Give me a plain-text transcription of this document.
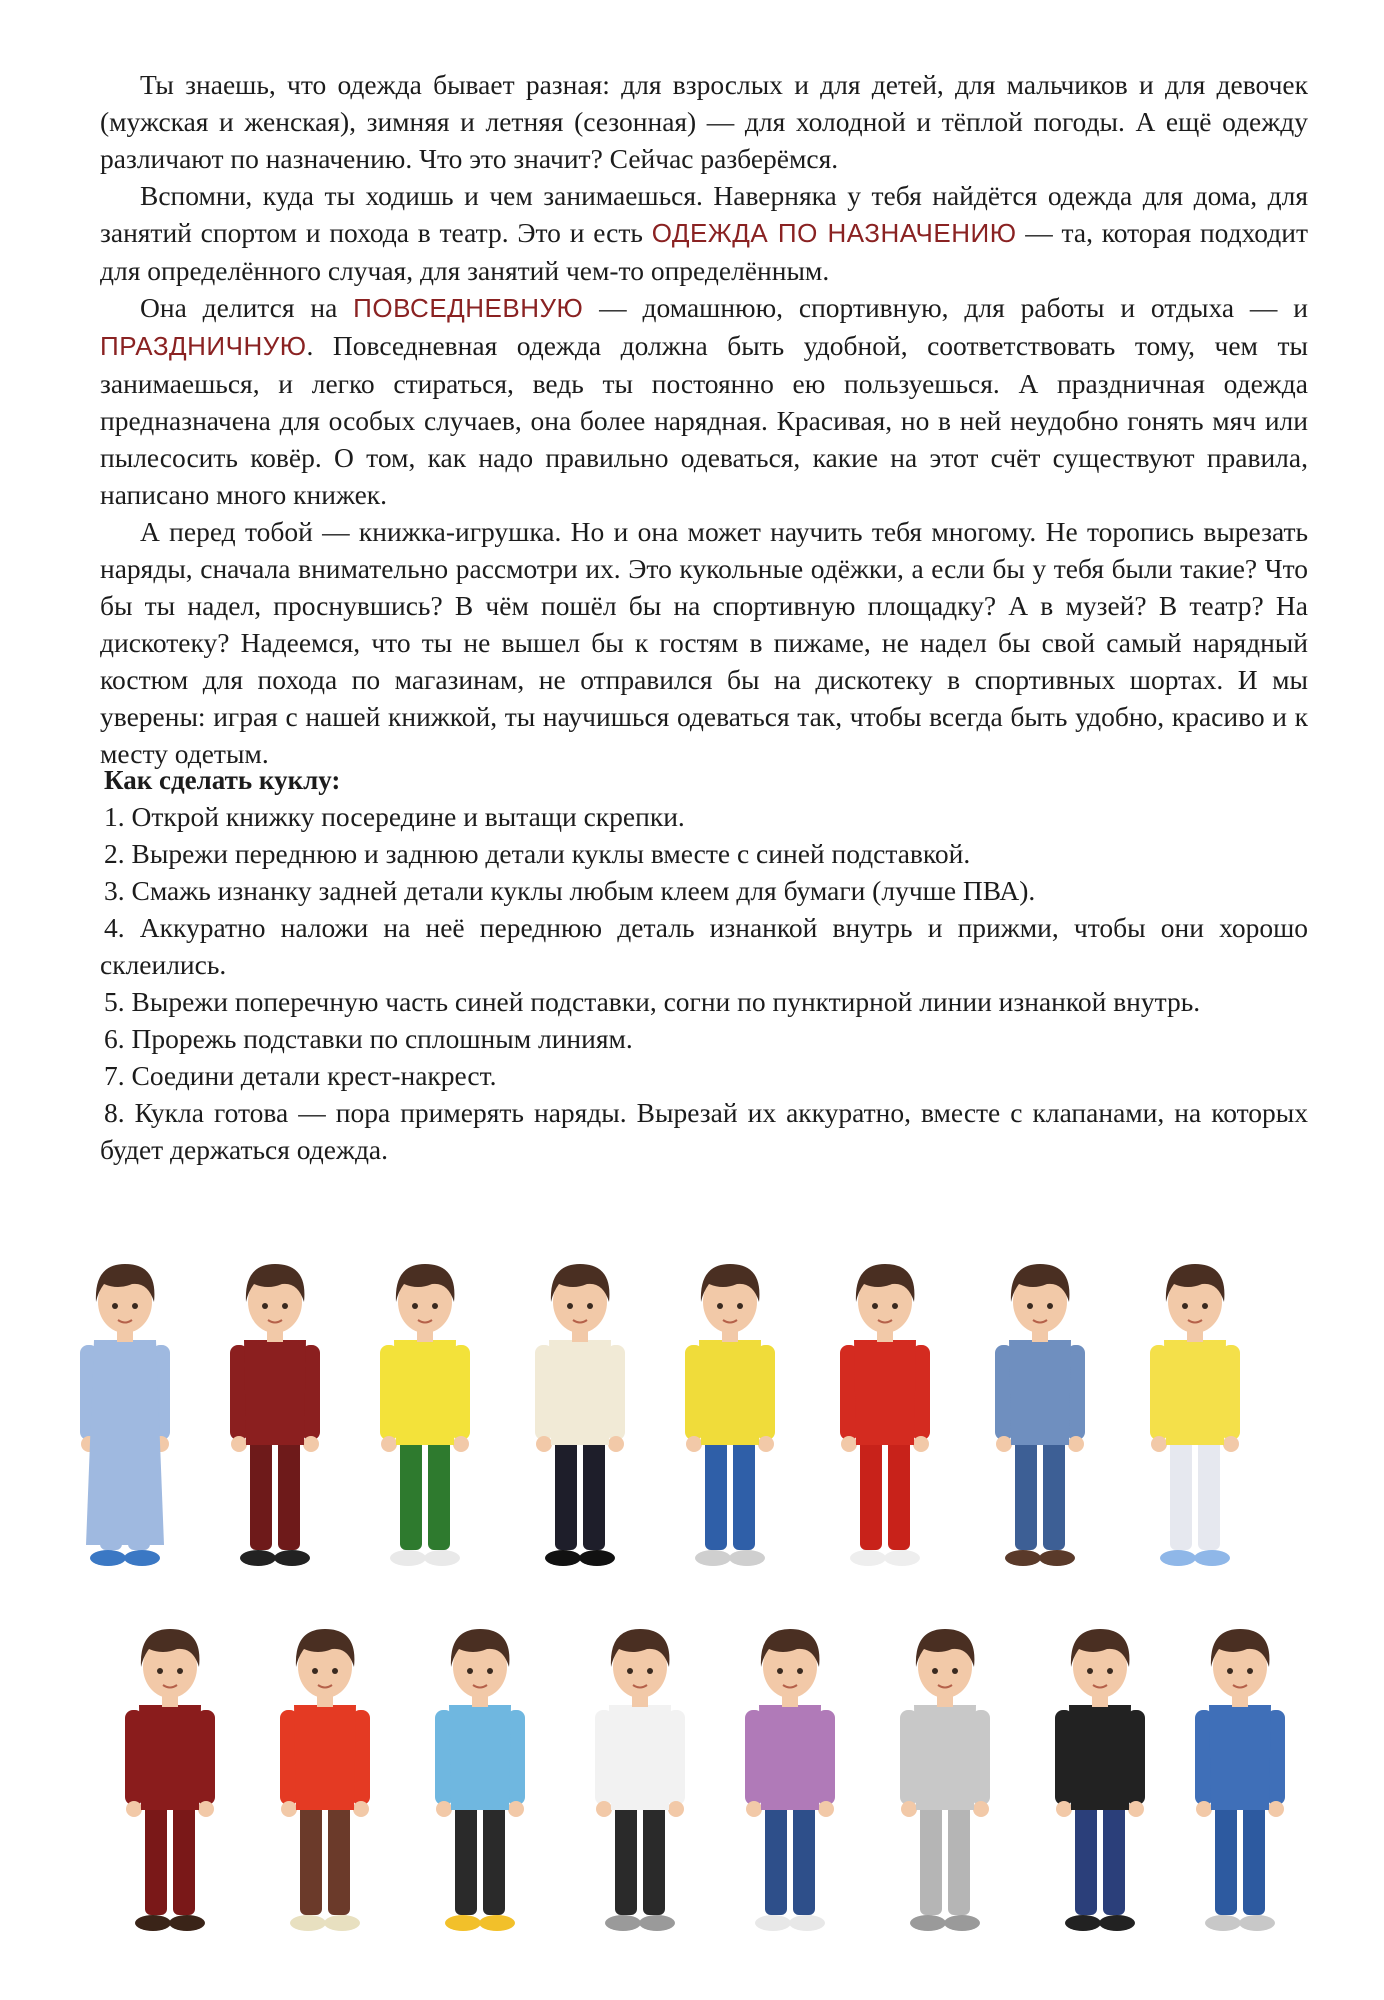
Ты знаешь, что одежда бывает разная: для взрослых и для детей, для мальчиков и для девочек (мужская и женская), зимняя и летняя (сезонная) — для холодной и тёплой погоды. А ещё одежду различают по назначению. Что это значит? Сейчас разберёмся.

Вспомни, куда ты ходишь и чем занимаешься. Наверняка у тебя найдётся одежда для дома, для занятий спортом и похода в театр. Это и есть ОДЕЖДА ПО НАЗНАЧЕНИЮ — та, которая подходит для определённого случая, для занятий чем-то определённым.

Она делится на ПОВСЕДНЕВНУЮ — домашнюю, спортивную, для работы и отдыха — и ПРАЗДНИЧНУЮ. Повседневная одежда должна быть удобной, соответствовать тому, чем ты занимаешься, и легко стираться, ведь ты постоянно ею пользуешься. А праздничная одежда предназначена для особых случаев, она более нарядная. Красивая, но в ней неудобно гонять мяч или пылесосить ковёр. О том, как надо правильно одеваться, какие на этот счёт существуют правила, написано много книжек.

А перед тобой — книжка-игрушка. Но и она может научить тебя многому. Не торопись вырезать наряды, сначала внимательно рассмотри их. Это кукольные одёжки, а если бы у тебя были такие? Что бы ты надел, проснувшись? В чём пошёл бы на спортивную площадку? А в музей? В театр? На дискотеку? Надеемся, что ты не вышел бы к гостям в пижаме, не надел бы свой самый нарядный костюм для похода по магазинам, не отправился бы на дискотеку в спортивных шортах. И мы уверены: играя с нашей книжкой, ты научишься одеваться так, чтобы всегда быть удобно, красиво и к месту одетым.

Как сделать куклу:

1. Открой книжку посередине и вытащи скрепки.

2. Вырежи переднюю и заднюю детали куклы вместе с синей подставкой.

3. Смажь изнанку задней детали куклы любым клеем для бумаги (лучше ПВА).

4. Аккуратно наложи на неё переднюю деталь изнанкой внутрь и прижми, чтобы они хорошо склеились.

5. Вырежи поперечную часть синей подставки, согни по пунктирной линии изнанкой внутрь.

6. Прорежь подставки по сплошным линиям.

7. Соедини детали крест-накрест.

8. Кукла готова — пора примерять наряды. Вырезай их аккуратно, вместе с клапанами, на которых будет держаться одежда.
